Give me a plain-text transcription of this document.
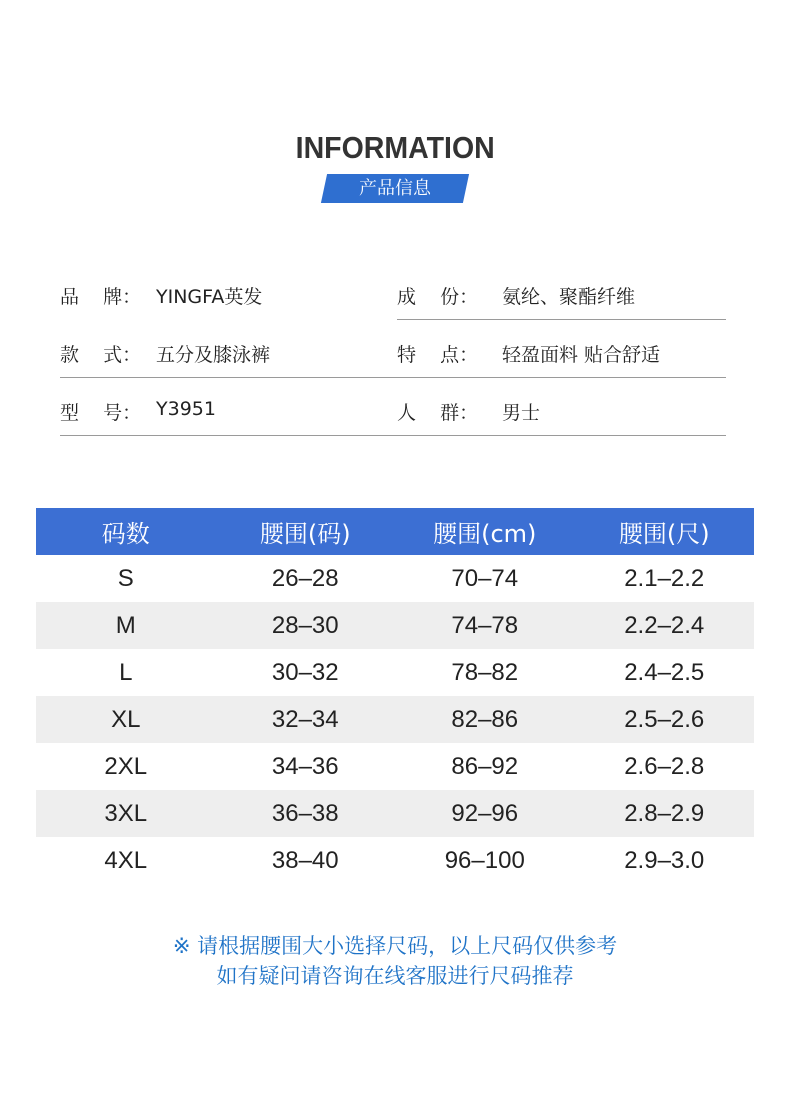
INFORMATION
产品信息
品    牌： YINGFA英发	成    份： 氨纶、聚酯纤维
款    式： 五分及膝泳裤	特    点： 轻盈面料 贴合舒适
型    号： Y3951	人    群： 男士
码数	腰围(码)	腰围(cm)	腰围(尺)
S	26–28	70–74	2.1–2.2
M	28–30	74–78	2.2–2.4
L	30–32	78–82	2.4–2.5
XL	32–34	82–86	2.5–2.6
2XL	34–36	86–92	2.6–2.8
3XL	36–38	92–96	2.8–2.9
4XL	38–40	96–100	2.9–3.0
※ 请根据腰围大小选择尺码，以上尺码仅供参考
如有疑问请咨询在线客服进行尺码推荐
